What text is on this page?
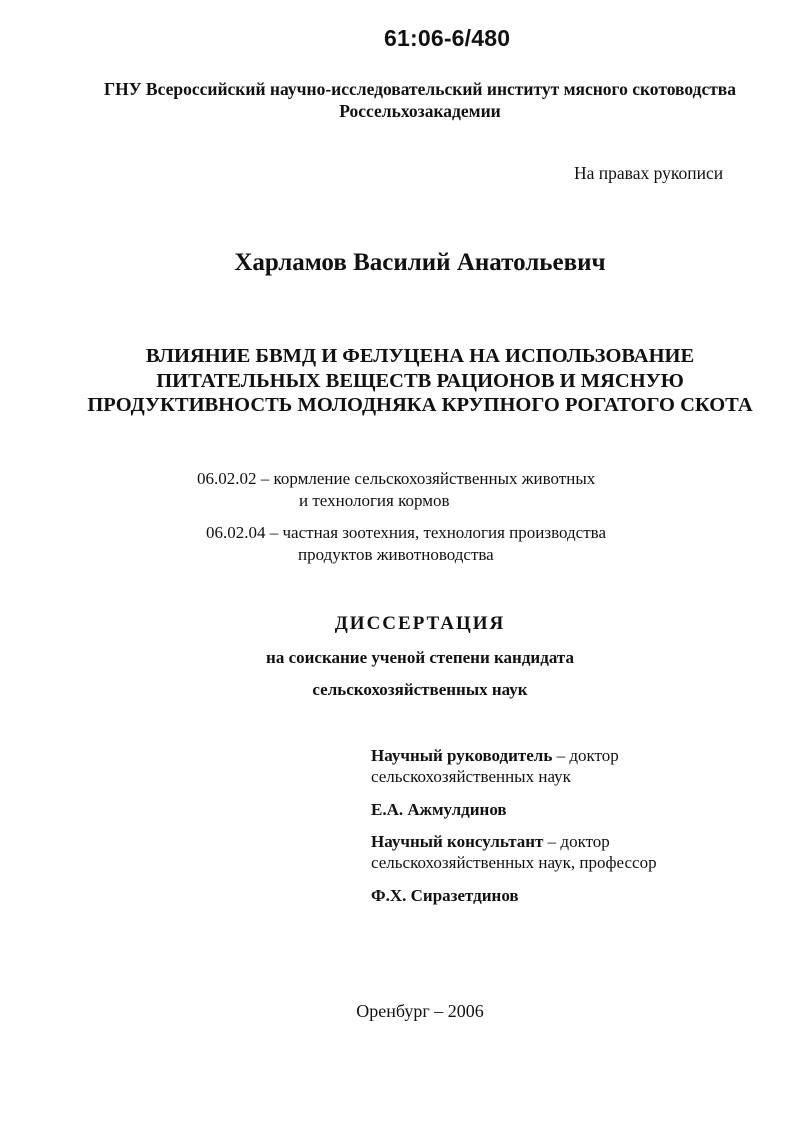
61:06-6/480
ГНУ Всероссийский научно-исследовательский институт мясного скотоводства Россельхозакадемии
На правах рукописи
Харламов Василий Анатольевич
ВЛИЯНИЕ БВМД И ФЕЛУЦЕНА НА ИСПОЛЬЗОВАНИЕ ПИТАТЕЛЬНЫХ ВЕЩЕСТВ РАЦИОНОВ И МЯСНУЮ ПРОДУКТИВНОСТЬ МОЛОДНЯКА КРУПНОГО РОГАТОГО СКОТА
06.02.02 – кормление сельскохозяйственных животных
и технология кормов
06.02.04 – частная зоотехния, технология производства
продуктов животноводства
ДИССЕРТАЦИЯ
на соискание ученой степени кандидата
сельскохозяйственных наук
Научный руководитель – доктор
сельскохозяйственных наук
Е.А. Ажмулдинов
Научный консультант – доктор
сельскохозяйственных наук, профессор
Ф.Х. Сиразетдинов
Оренбург – 2006
